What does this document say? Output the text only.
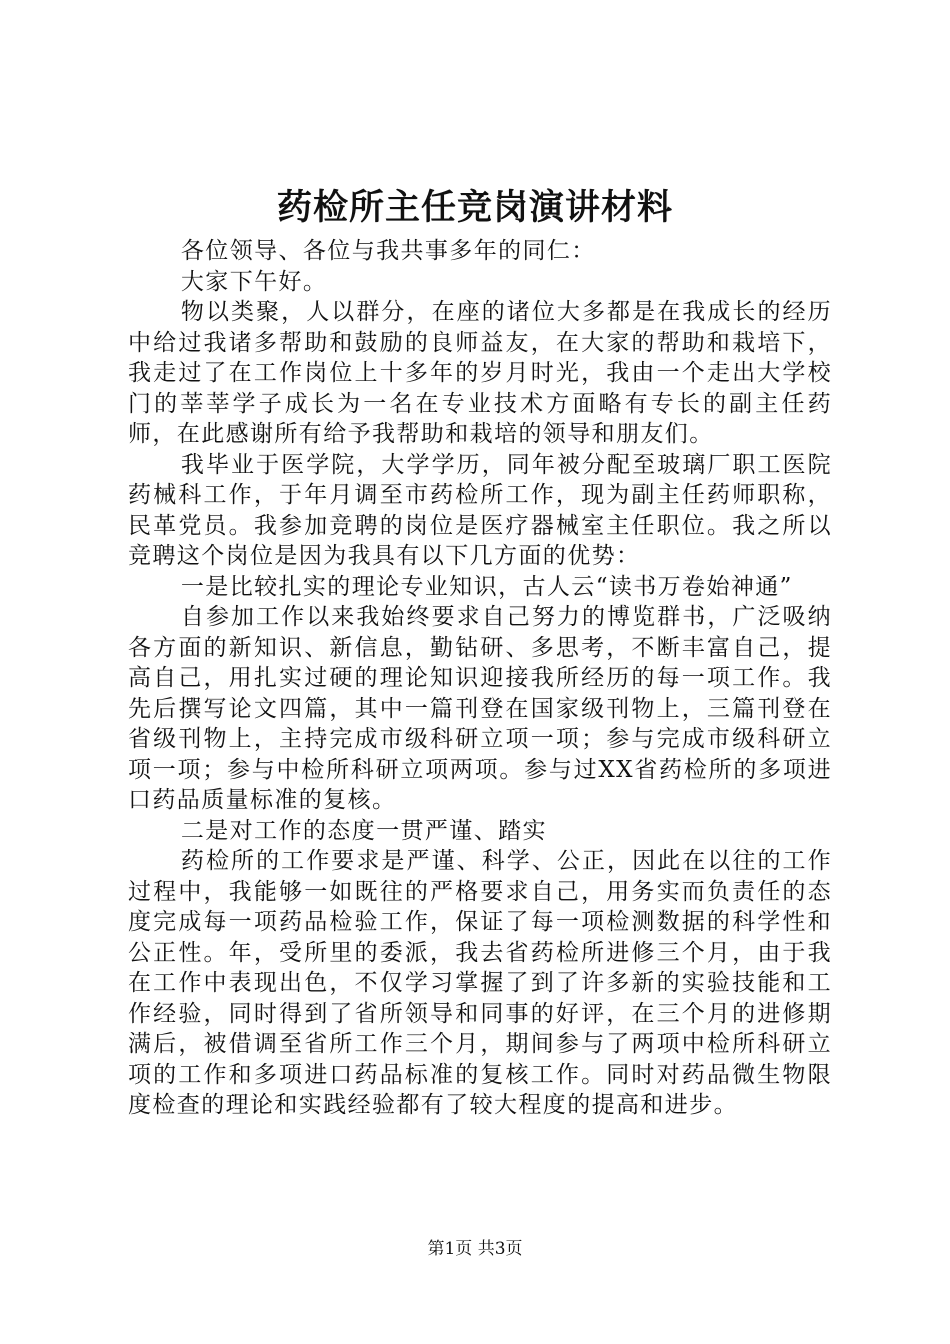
药检所主任竞岗演讲材料

各位领导、各位与我共事多年的同仁：

大家下午好。

物以类聚，人以群分，在座的诸位大多都是在我成长的经历中给过我诸多帮助和鼓励的良师益友，在大家的帮助和栽培下，我走过了在工作岗位上十多年的岁月时光，我由一个走出大学校门的莘莘学子成长为一名在专业技术方面略有专长的副主任药师，在此感谢所有给予我帮助和栽培的领导和朋友们。

我毕业于医学院，大学学历，同年被分配至玻璃厂职工医院药械科工作，于年月调至市药检所工作，现为副主任药师职称，民革党员。我参加竞聘的岗位是医疗器械室主任职位。我之所以竞聘这个岗位是因为我具有以下几方面的优势：

一是比较扎实的理论专业知识，古人云“读书万卷始神通”

自参加工作以来我始终要求自己努力的博览群书，广泛吸纳各方面的新知识、新信息，勤钻研、多思考，不断丰富自己，提高自己，用扎实过硬的理论知识迎接我所经历的每一项工作。我先后撰写论文四篇，其中一篇刊登在国家级刊物上，三篇刊登在省级刊物上，主持完成市级科研立项一项；参与完成市级科研立项一项；参与中检所科研立项两项。参与过XX省药检所的多项进口药品质量标准的复核。

二是对工作的态度一贯严谨、踏实

药检所的工作要求是严谨、科学、公正，因此在以往的工作过程中，我能够一如既往的严格要求自己，用务实而负责任的态度完成每一项药品检验工作，保证了每一项检测数据的科学性和公正性。年，受所里的委派，我去省药检所进修三个月，由于我在工作中表现出色，不仅学习掌握了到了许多新的实验技能和工作经验，同时得到了省所领导和同事的好评，在三个月的进修期满后，被借调至省所工作三个月，期间参与了两项中检所科研立项的工作和多项进口药品标准的复核工作。同时对药品微生物限度检查的理论和实践经验都有了较大程度的提高和进步。

第1页 共3页
